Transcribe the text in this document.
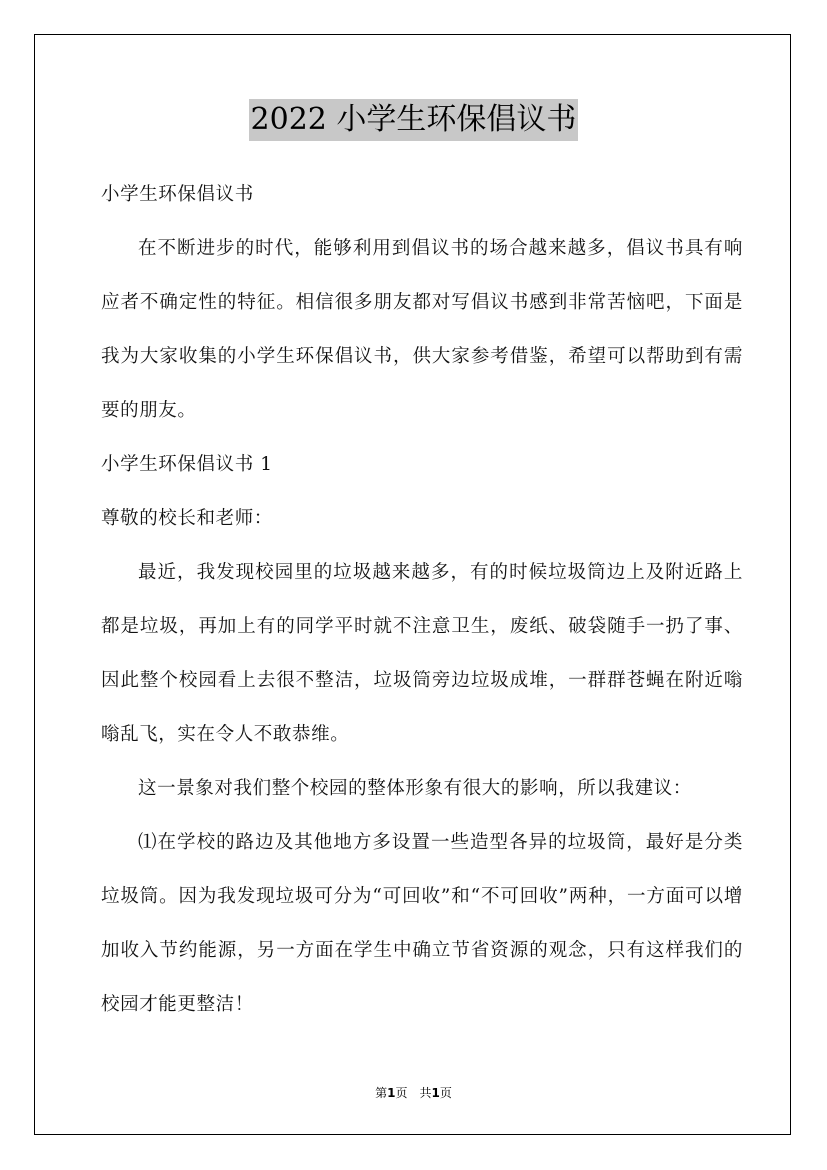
2022 小学生环保倡议书

小学生环保倡议书

在不断进步的时代，能够利用到倡议书的场合越来越多，倡议书具有响应者不确定性的特征。相信很多朋友都对写倡议书感到非常苦恼吧，下面是我为大家收集的小学生环保倡议书，供大家参考借鉴，希望可以帮助到有需要的朋友。

小学生环保倡议书 1

尊敬的校长和老师：

最近，我发现校园里的垃圾越来越多，有的时候垃圾筒边上及附近路上都是垃圾，再加上有的同学平时就不注意卫生，废纸、破袋随手一扔了事、因此整个校园看上去很不整洁，垃圾筒旁边垃圾成堆，一群群苍蝇在附近嗡嗡乱飞，实在令人不敢恭维。

这一景象对我们整个校园的整体形象有很大的影响，所以我建议：

⑴在学校的路边及其他地方多设置一些造型各异的垃圾筒，最好是分类垃圾筒。因为我发现垃圾可分为“可回收”和“不可回收”两种，一方面可以增加收入节约能源，另一方面在学生中确立节省资源的观念，只有这样我们的校园才能更整洁！

第1页 共1页
